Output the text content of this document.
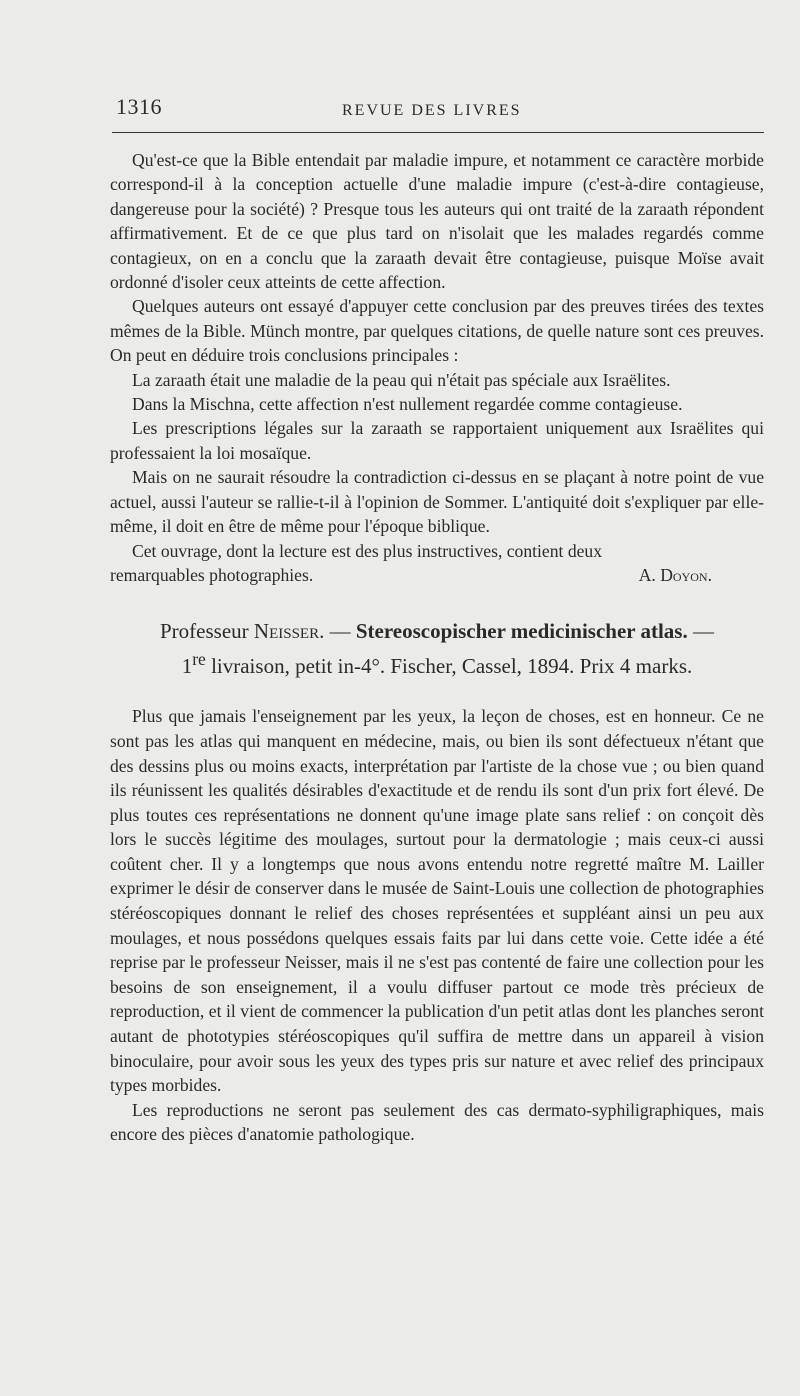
1316	REVUE DES LIVRES

Qu'est-ce que la Bible entendait par maladie impure, et notamment ce caractère morbide correspond-il à la conception actuelle d'une maladie impure (c'est-à-dire contagieuse, dangereuse pour la société) ? Presque tous les auteurs qui ont traité de la zaraath répondent affirmativement. Et de ce que plus tard on n'isolait que les malades regardés comme contagieux, on en a conclu que la zaraath devait être contagieuse, puisque Moïse avait ordonné d'isoler ceux atteints de cette affection.

Quelques auteurs ont essayé d'appuyer cette conclusion par des preuves tirées des textes mêmes de la Bible. Münch montre, par quelques citations, de quelle nature sont ces preuves. On peut en déduire trois conclusions principales :

La zaraath était une maladie de la peau qui n'était pas spéciale aux Israëlites.

Dans la Mischna, cette affection n'est nullement regardée comme contagieuse.

Les prescriptions légales sur la zaraath se rapportaient uniquement aux Israëlites qui professaient la loi mosaïque.

Mais on ne saurait résoudre la contradiction ci-dessus en se plaçant à notre point de vue actuel, aussi l'auteur se rallie-t-il à l'opinion de Sommer. L'antiquité doit s'expliquer par elle-même, il doit en être de même pour l'époque biblique.

Cet ouvrage, dont la lecture est des plus instructives, contient deux

remarquables photographies.	A. Doyon.
Professeur Neisser. — Stereoscopischer medicinischer atlas. —
1re livraison, petit in-4°. Fischer, Cassel, 1894. Prix 4 marks.

Plus que jamais l'enseignement par les yeux, la leçon de choses, est en honneur. Ce ne sont pas les atlas qui manquent en médecine, mais, ou bien ils sont défectueux n'étant que des dessins plus ou moins exacts, interprétation par l'artiste de la chose vue ; ou bien quand ils réunissent les qualités désirables d'exactitude et de rendu ils sont d'un prix fort élevé. De plus toutes ces représentations ne donnent qu'une image plate sans relief : on conçoit dès lors le succès légitime des moulages, surtout pour la dermatologie ; mais ceux-ci aussi coûtent cher. Il y a longtemps que nous avons entendu notre regretté maître M. Lailler exprimer le désir de conserver dans le musée de Saint-Louis une collection de photographies stéréoscopiques donnant le relief des choses représentées et suppléant ainsi un peu aux moulages, et nous possédons quelques essais faits par lui dans cette voie. Cette idée a été reprise par le professeur Neisser, mais il ne s'est pas contenté de faire une collection pour les besoins de son enseignement, il a voulu diffuser partout ce mode très précieux de reproduction, et il vient de commencer la publication d'un petit atlas dont les planches seront autant de phototypies stéréoscopiques qu'il suffira de mettre dans un appareil à vision binoculaire, pour avoir sous les yeux des types pris sur nature et avec relief des principaux types morbides.

Les reproductions ne seront pas seulement des cas dermato-syphiligraphiques, mais encore des pièces d'anatomie pathologique.
